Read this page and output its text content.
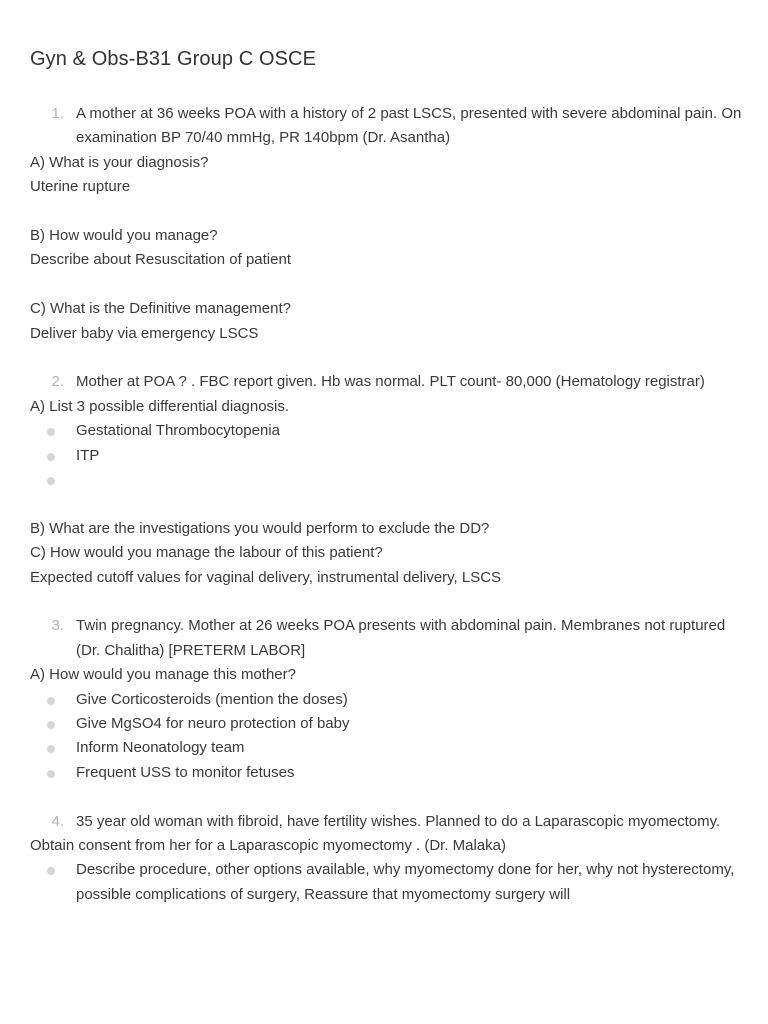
Gyn & Obs-B31 Group C OSCE
1. A mother at 36 weeks POA with a history of 2 past LSCS, presented with severe abdominal pain. On examination BP 70/40 mmHg, PR 140bpm (Dr. Asantha)
A) What is your diagnosis?
Uterine rupture
B) How would you manage?
Describe about Resuscitation of patient
C) What is the Definitive management?
Deliver baby via emergency LSCS
2. Mother at POA ? . FBC report given. Hb was normal. PLT count- 80,000 (Hematology registrar)
A) List 3 possible differential diagnosis.
Gestational Thrombocytopenia
ITP
B) What are the investigations you would perform to exclude the DD?
C) How would you manage the labour of this patient?
Expected cutoff values for vaginal delivery, instrumental delivery, LSCS
3. Twin pregnancy. Mother at 26 weeks POA presents with abdominal pain. Membranes not ruptured (Dr. Chalitha) [PRETERM LABOR]
A) How would you manage this mother?
Give Corticosteroids (mention the doses)
Give MgSO4 for neuro protection of baby
Inform Neonatology team
Frequent USS to monitor fetuses
4. 35 year old woman with fibroid, have fertility wishes. Planned to do a Laparascopic myomectomy.
Obtain consent from her for a Laparascopic myomectomy . (Dr. Malaka)
Describe procedure, other options available, why myomectomy done for her, why not hysterectomy, possible complications of surgery, Reassure that myomectomy surgery will
